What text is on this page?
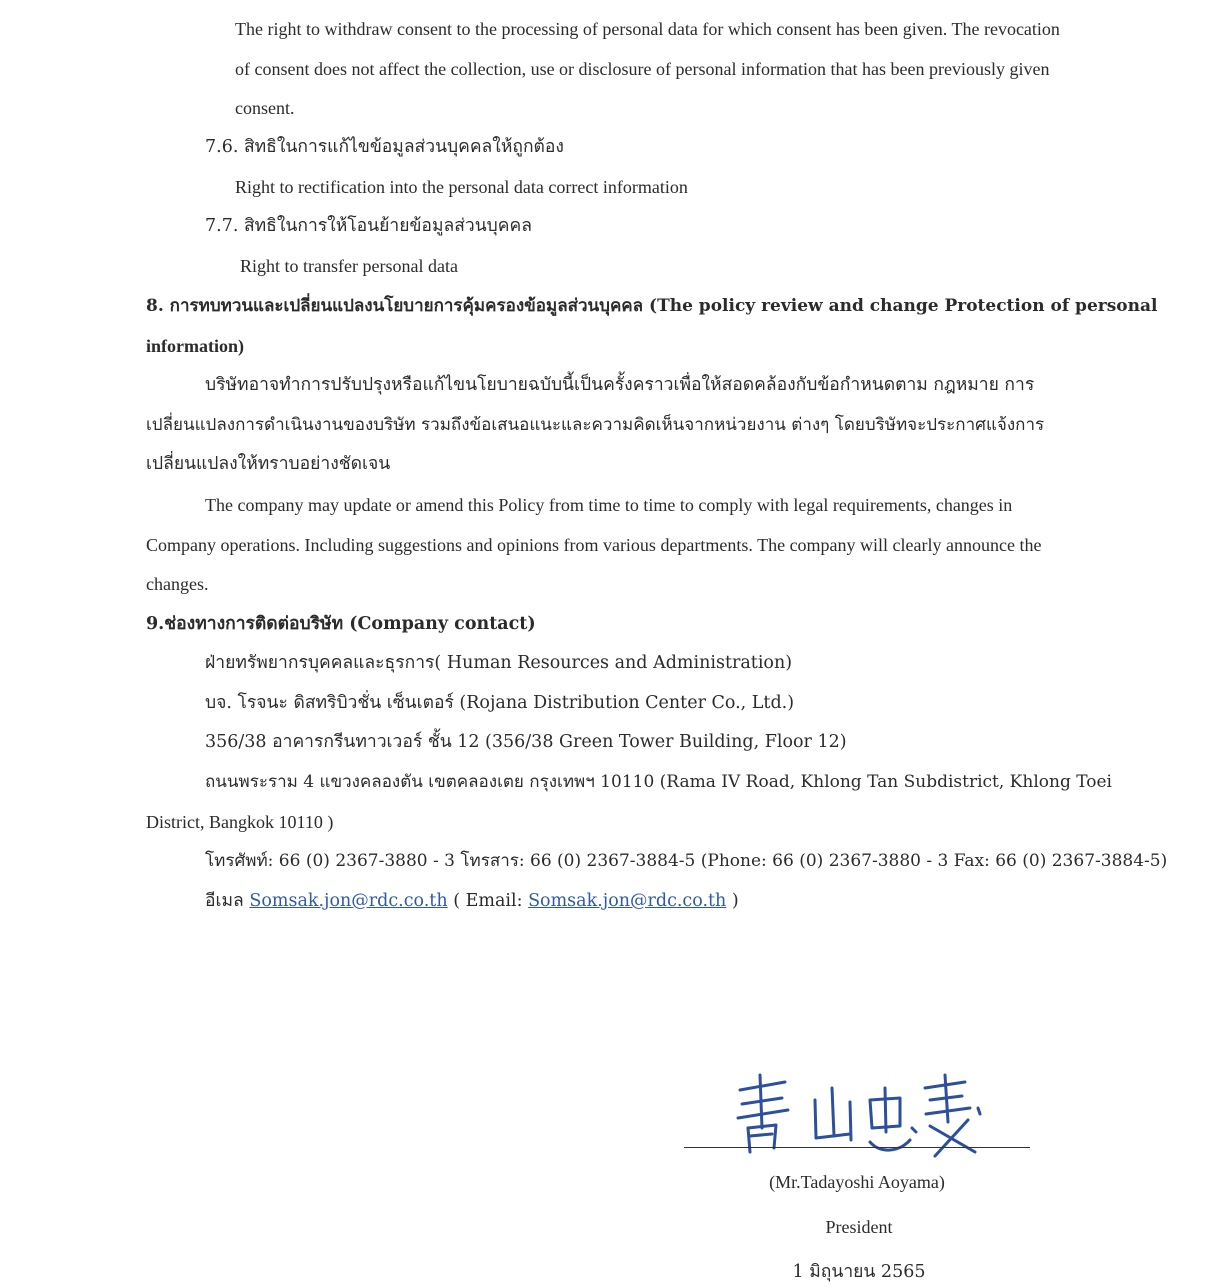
The right to withdraw consent to the processing of personal data for which consent has been given. The revocation
of consent does not affect the collection, use or disclosure of personal information that has been previously given
consent.
7.6. สิทธิในการแก้ไขข้อมูลส่วนบุคคลให้ถูกต้อง
Right to rectification into the personal data correct information
7.7. สิทธิในการให้โอนย้ายข้อมูลส่วนบุคคล
Right to transfer personal data
8. การทบทวนและเปลี่ยนแปลงนโยบายการคุ้มครองข้อมูลส่วนบุคคล (The policy review and change Protection of personal
information)
บริษัทอาจทำการปรับปรุงหรือแก้ไขนโยบายฉบับนี้เป็นครั้งคราวเพื่อให้สอดคล้องกับข้อกำหนดตาม กฎหมาย การ
เปลี่ยนแปลงการดำเนินงานของบริษัท รวมถึงข้อเสนอแนะและความคิดเห็นจากหน่วยงาน ต่างๆ โดยบริษัทจะประกาศแจ้งการ
เปลี่ยนแปลงให้ทราบอย่างชัดเจน
The company may update or amend this Policy from time to time to comply with legal requirements, changes in
Company operations. Including suggestions and opinions from various departments. The company will clearly announce the
changes.
9.ช่องทางการติดต่อบริษัท (Company contact)
ฝ่ายทรัพยากรบุคคลและธุรการ( Human Resources and Administration)
บจ. โรจนะ ดิสทริบิวชั่น เซ็นเตอร์ (Rojana Distribution Center Co., Ltd.)
356/38 อาคารกรีนทาวเวอร์ ชั้น 12 (356/38 Green Tower Building, Floor 12)
ถนนพระราม 4 แขวงคลองตัน เขตคลองเตย กรุงเทพฯ 10110 (Rama IV Road, Khlong Tan Subdistrict, Khlong Toei
District, Bangkok 10110 )
โทรศัพท์: 66 (0) 2367-3880 - 3 โทรสาร: 66 (0) 2367-3884-5 (Phone: 66 (0) 2367-3880 - 3 Fax: 66 (0) 2367-3884-5)
อีเมล Somsak.jon@rdc.co.th ( Email: Somsak.jon@rdc.co.th )
(Mr.Tadayoshi Aoyama)
President
1 มิถุนายน 2565
